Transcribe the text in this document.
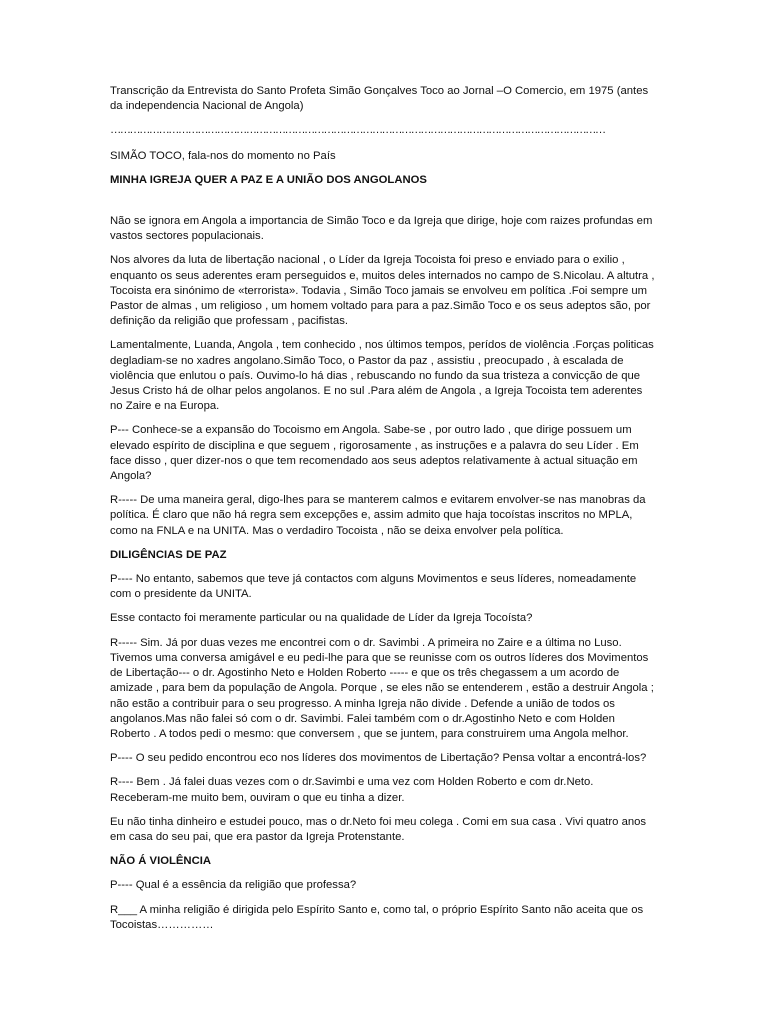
Transcrição da Entrevista do Santo Profeta Simão Gonçalves Toco ao Jornal –O Comercio, em 1975 (antes da independencia Nacional de Angola)

………………………………………………………………………………………………………………………………………

SIMÃO TOCO, fala-nos do momento no País

MINHA IGREJA QUER A PAZ E A UNIÃO DOS ANGOLANOS

Não se ignora em Angola a importancia de Simão Toco e da Igreja que dirige, hoje com raizes profundas em vastos sectores populacionais.

Nos alvores da luta de libertação nacional , o Líder da Igreja Tocoista foi preso e enviado para o exilio , enquanto os seus aderentes eram perseguidos e, muitos deles internados no campo de S.Nicolau. A altutra , Tocoista era sinónimo de «terrorista». Todavia , Simão Toco jamais se envolveu em política .Foi sempre um Pastor de almas , um religioso , um homem voltado para para a paz.Simão Toco e os seus adeptos são, por definição da religião que professam , pacifistas.

Lamentalmente, Luanda, Angola , tem conhecido , nos últimos tempos, perídos de violência .Forças politicas degladiam-se no xadres angolano.Simão Toco, o Pastor da paz , assistiu , preocupado , à escalada de violência que enlutou o país. Ouvimo-lo há dias , rebuscando no fundo da sua tristeza a convicção de que Jesus Cristo há de olhar pelos angolanos. E no sul .Para além de Angola , a Igreja Tocoista tem aderentes no Zaire e na Europa.

P--- Conhece-se a expansão do Tocoismo em Angola. Sabe-se , por outro lado , que dirige possuem um elevado espírito de disciplina e que seguem , rigorosamente , as instruções e a palavra do seu Líder . Em face disso , quer dizer-nos o que tem recomendado aos seus adeptos relativamente à actual situação em Angola?

R----- De uma maneira geral, digo-lhes para se manterem calmos e evitarem envolver-se nas manobras da política. É claro que não há regra sem excepções e, assim admito que haja tocoístas inscritos no MPLA, como na FNLA e na UNITA. Mas o verdadiro Tocoista , não se deixa envolver pela política.

DILIGÊNCIAS DE PAZ

P---- No entanto, sabemos que teve já contactos com alguns Movimentos e seus líderes, nomeadamente com o presidente da UNITA.

Esse contacto foi meramente particular ou na qualidade de Líder da Igreja Tocoísta?

R----- Sim. Já por duas vezes me encontrei com o dr. Savimbi . A primeira no Zaire e a última no Luso. Tivemos uma conversa amigável e eu pedi-lhe para que se reunisse com os outros líderes dos Movimentos de Libertação--- o dr. Agostinho Neto e Holden Roberto ----- e que os três chegassem a um acordo de amizade , para bem da população de Angola. Porque , se eles não se entenderem , estão a destruir Angola ; não estão a contribuir para o seu progresso. A minha Igreja não divide . Defende a união de todos os angolanos.Mas não falei só com o dr. Savimbi. Falei também com o dr.Agostinho Neto e com Holden Roberto . A todos pedi o mesmo: que conversem , que se juntem, para construirem uma Angola melhor.

P---- O seu pedido encontrou eco nos líderes dos movimentos de Libertação? Pensa voltar a encontrá-los?

R---- Bem . Já falei duas vezes com o dr.Savimbi e uma vez com Holden Roberto e com dr.Neto. Receberam-me muito bem, ouviram o que eu tinha a dizer.

Eu não tinha dinheiro e estudei pouco, mas o dr.Neto foi meu colega . Comi em sua casa . Vivi quatro anos em casa do seu pai, que era pastor da Igreja Protenstante.

NÃO Á VIOLÊNCIA

P---- Qual é a essência da religião que professa?

R___ A minha religião é dirigida pelo Espírito Santo e, como tal, o próprio Espírito Santo não aceita que os Tocoistas……………
